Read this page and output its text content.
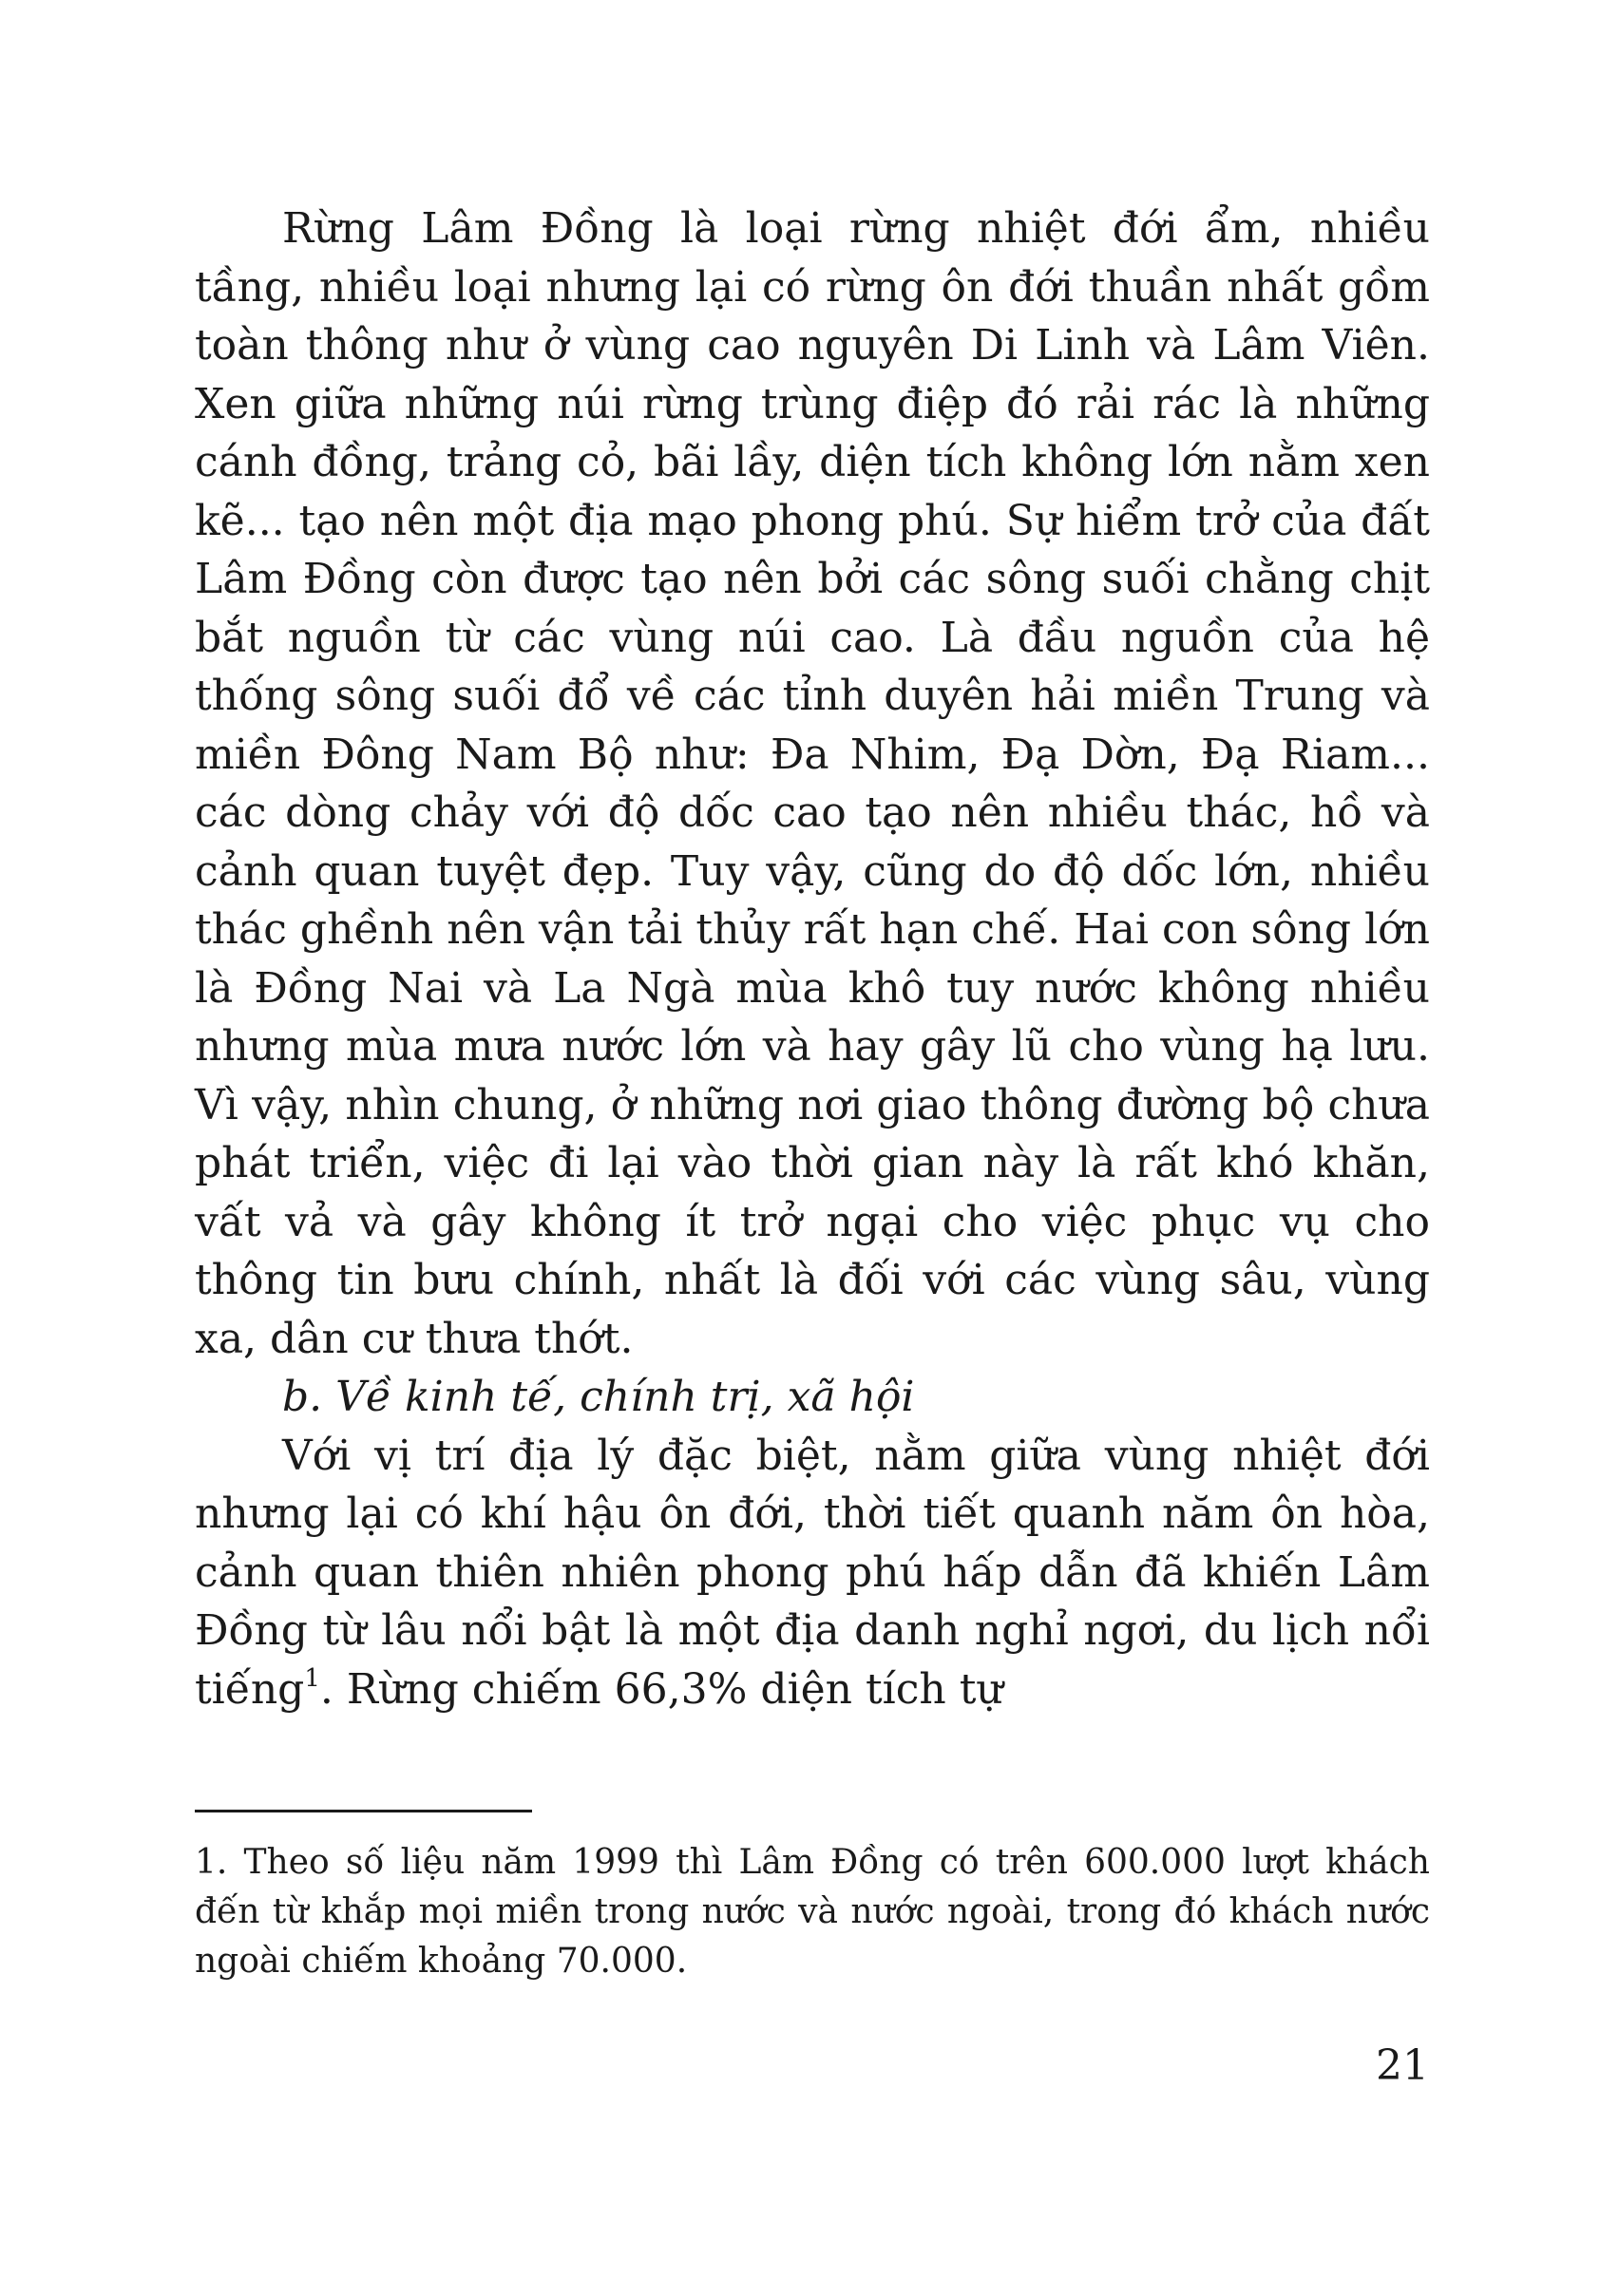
Rừng Lâm Đồng là loại rừng nhiệt đới ẩm, nhiều tầng, nhiều loại nhưng lại có rừng ôn đới thuần nhất gồm toàn thông như ở vùng cao nguyên Di Linh và Lâm Viên. Xen giữa những núi rừng trùng điệp đó rải rác là những cánh đồng, trảng cỏ, bãi lầy, diện tích không lớn nằm xen kẽ... tạo nên một địa mạo phong phú. Sự hiểm trở của đất Lâm Đồng còn được tạo nên bởi các sông suối chằng chịt bắt nguồn từ các vùng núi cao. Là đầu nguồn của hệ thống sông suối đổ về các tỉnh duyên hải miền Trung và miền Đông Nam Bộ như: Đa Nhim, Đạ Dờn, Đạ Riam... các dòng chảy với độ dốc cao tạo nên nhiều thác, hồ và cảnh quan tuyệt đẹp. Tuy vậy, cũng do độ dốc lớn, nhiều thác ghềnh nên vận tải thủy rất hạn chế. Hai con sông lớn là Đồng Nai và La Ngà mùa khô tuy nước không nhiều nhưng mùa mưa nước lớn và hay gây lũ cho vùng hạ lưu. Vì vậy, nhìn chung, ở những nơi giao thông đường bộ chưa phát triển, việc đi lại vào thời gian này là rất khó khăn, vất vả và gây không ít trở ngại cho việc phục vụ cho thông tin bưu chính, nhất là đối với các vùng sâu, vùng xa, dân cư thưa thớt.

b. Về kinh tế, chính trị, xã hội

Với vị trí địa lý đặc biệt, nằm giữa vùng nhiệt đới nhưng lại có khí hậu ôn đới, thời tiết quanh năm ôn hòa, cảnh quan thiên nhiên phong phú hấp dẫn đã khiến Lâm Đồng từ lâu nổi bật là một địa danh nghỉ ngơi, du lịch nổi tiếng$^1$. Rừng chiếm 66,3% diện tích tự

1. Theo số liệu năm 1999 thì Lâm Đồng có trên 600.000 lượt khách đến từ khắp mọi miền trong nước và nước ngoài, trong đó khách nước ngoài chiếm khoảng 70.000.

21
